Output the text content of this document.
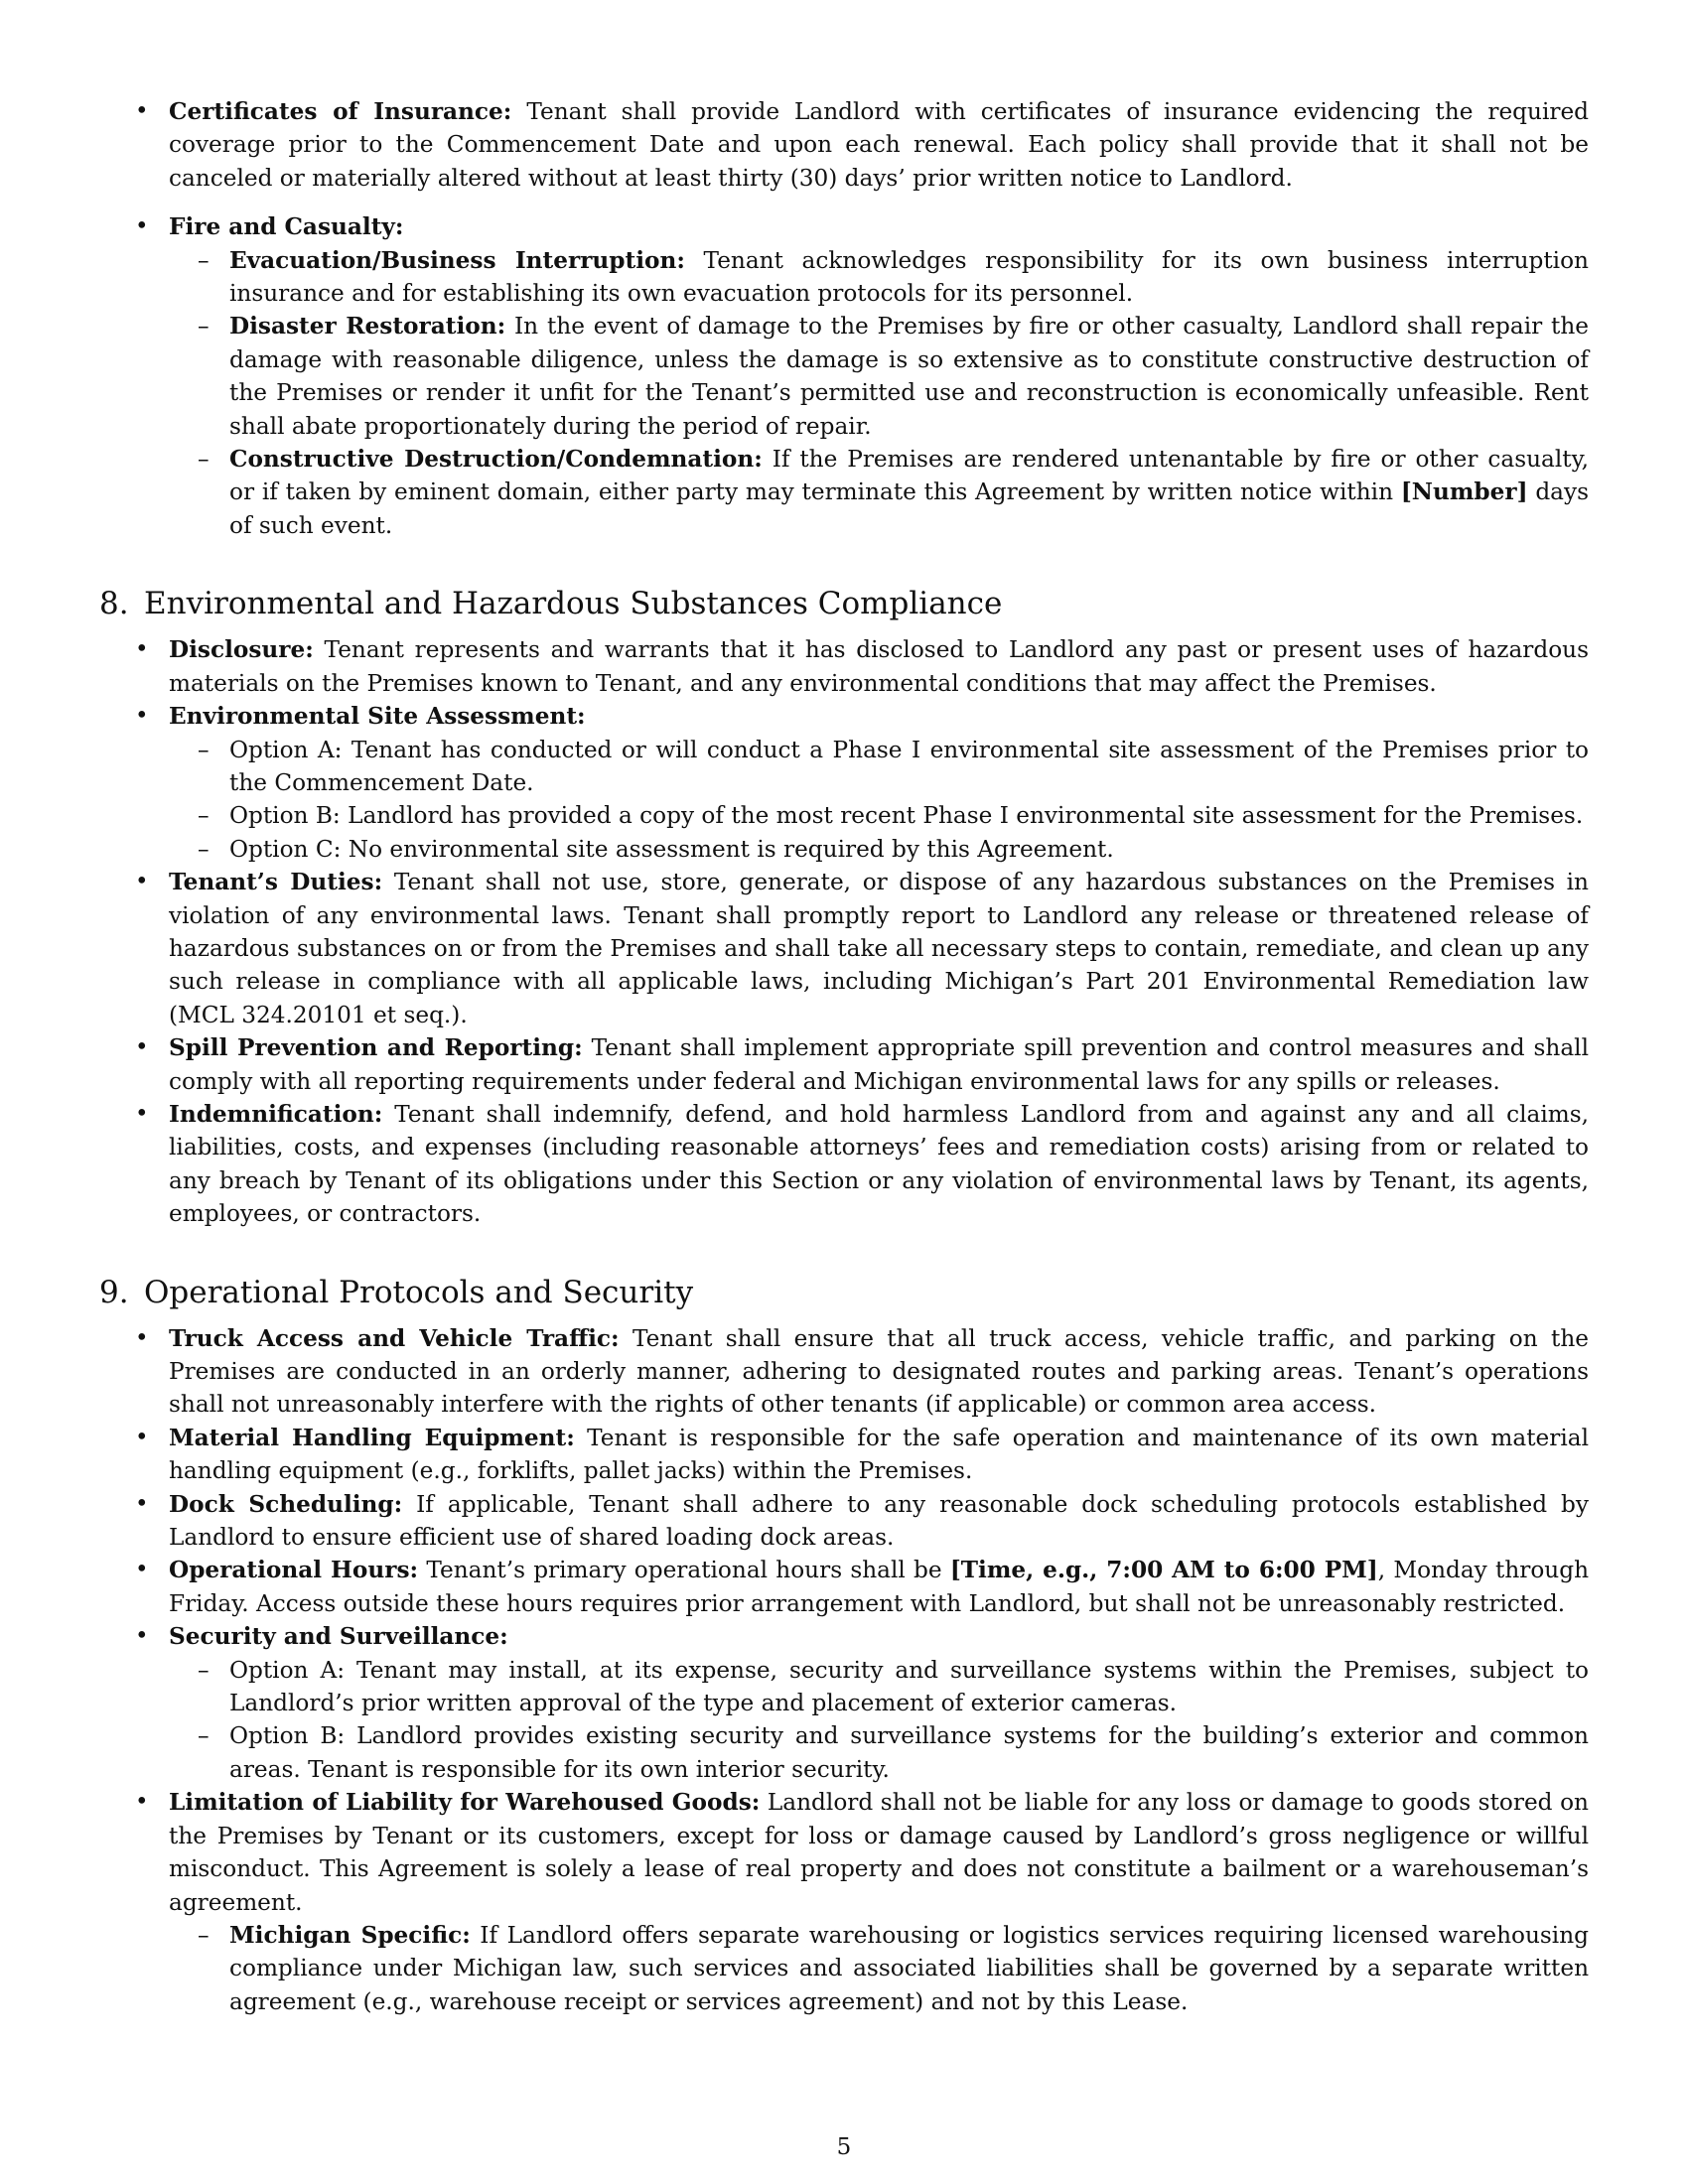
• Certificates of Insurance: Tenant shall provide Landlord with certificates of insurance evidencing the required coverage prior to the Commencement Date and upon each renewal. Each policy shall provide that it shall not be canceled or materially altered without at least thirty (30) days’ prior written notice to Landlord.
• Fire and Casualty:
– Evacuation/Business Interruption: Tenant acknowledges responsibility for its own business interruption insurance and for establishing its own evacuation protocols for its personnel.
– Disaster Restoration: In the event of damage to the Premises by fire or other casualty, Landlord shall repair the damage with reasonable diligence, unless the damage is so extensive as to constitute constructive destruction of the Premises or render it unfit for the Tenant’s permitted use and reconstruction is economically unfeasible. Rent shall abate proportionately during the period of repair.
– Constructive Destruction/Condemnation: If the Premises are rendered untenantable by fire or other casualty, or if taken by eminent domain, either party may terminate this Agreement by written notice within [Number] days of such event.
8. Environmental and Hazardous Substances Compliance
• Disclosure: Tenant represents and warrants that it has disclosed to Landlord any past or present uses of hazardous materials on the Premises known to Tenant, and any environmental conditions that may affect the Premises.
• Environmental Site Assessment:
– Option A: Tenant has conducted or will conduct a Phase I environmental site assessment of the Premises prior to the Commencement Date.
– Option B: Landlord has provided a copy of the most recent Phase I environmental site assessment for the Premises.
– Option C: No environmental site assessment is required by this Agreement.
• Tenant’s Duties: Tenant shall not use, store, generate, or dispose of any hazardous substances on the Premises in violation of any environmental laws. Tenant shall promptly report to Landlord any release or threatened release of hazardous substances on or from the Premises and shall take all necessary steps to contain, remediate, and clean up any such release in compliance with all applicable laws, including Michigan’s Part 201 Environmental Remediation law (MCL 324.20101 et seq.).
• Spill Prevention and Reporting: Tenant shall implement appropriate spill prevention and control measures and shall comply with all reporting requirements under federal and Michigan environmental laws for any spills or releases.
• Indemnification: Tenant shall indemnify, defend, and hold harmless Landlord from and against any and all claims, liabilities, costs, and expenses (including reasonable attorneys’ fees and remediation costs) arising from or related to any breach by Tenant of its obligations under this Section or any violation of environmental laws by Tenant, its agents, employees, or contractors.
9. Operational Protocols and Security
• Truck Access and Vehicle Traffic: Tenant shall ensure that all truck access, vehicle traffic, and parking on the Premises are conducted in an orderly manner, adhering to designated routes and parking areas. Tenant’s operations shall not unreasonably interfere with the rights of other tenants (if applicable) or common area access.
• Material Handling Equipment: Tenant is responsible for the safe operation and maintenance of its own material handling equipment (e.g., forklifts, pallet jacks) within the Premises.
• Dock Scheduling: If applicable, Tenant shall adhere to any reasonable dock scheduling protocols established by Landlord to ensure efficient use of shared loading dock areas.
• Operational Hours: Tenant’s primary operational hours shall be [Time, e.g., 7:00 AM to 6:00 PM], Monday through Friday. Access outside these hours requires prior arrangement with Landlord, but shall not be unreasonably restricted.
• Security and Surveillance:
– Option A: Tenant may install, at its expense, security and surveillance systems within the Premises, subject to Landlord’s prior written approval of the type and placement of exterior cameras.
– Option B: Landlord provides existing security and surveillance systems for the building’s exterior and common areas. Tenant is responsible for its own interior security.
• Limitation of Liability for Warehoused Goods: Landlord shall not be liable for any loss or damage to goods stored on the Premises by Tenant or its customers, except for loss or damage caused by Landlord’s gross negligence or willful misconduct. This Agreement is solely a lease of real property and does not constitute a bailment or a warehouseman’s agreement.
– Michigan Specific: If Landlord offers separate warehousing or logistics services requiring licensed warehousing compliance under Michigan law, such services and associated liabilities shall be governed by a separate written agreement (e.g., warehouse receipt or services agreement) and not by this Lease.
5
